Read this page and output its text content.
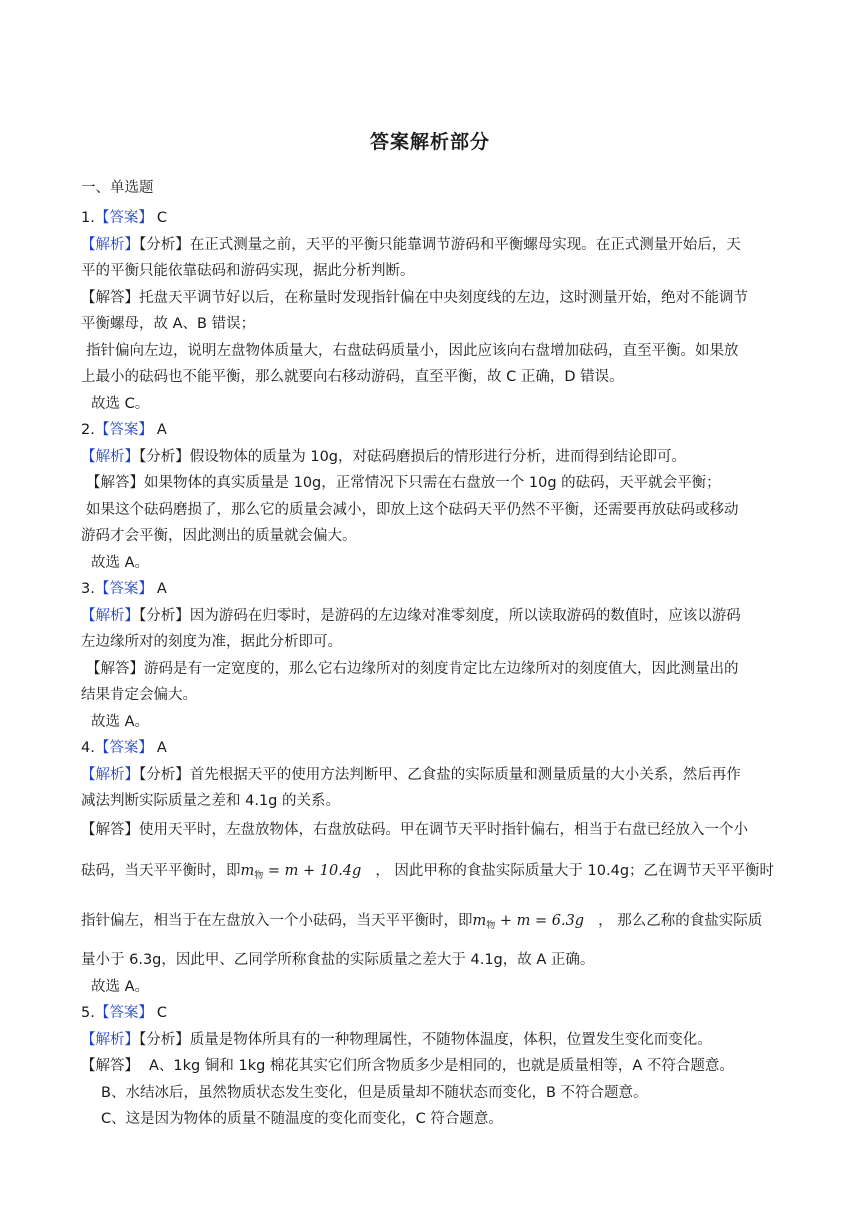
答案解析部分
一、单选题
1.【答案】 C
【解析】【分析】在正式测量之前，天平的平衡只能靠调节游码和平衡螺母实现。在正式测量开始后，天
平的平衡只能依靠砝码和游码实现，据此分析判断。
【解答】托盘天平调节好以后，在称量时发现指针偏在中央刻度线的左边，这时测量开始，绝对不能调节
平衡螺母，故 A、B 错误；
指针偏向左边，说明左盘物体质量大，右盘砝码质量小，因此应该向右盘增加砝码，直至平衡。如果放
上最小的砝码也不能平衡，那么就要向右移动游码，直至平衡，故 C 正确，D 错误。
故选 C。
2.【答案】 A
【解析】【分析】假设物体的质量为 10g，对砝码磨损后的情形进行分析，进而得到结论即可。
【解答】如果物体的真实质量是 10g，正常情况下只需在右盘放一个 10g 的砝码，天平就会平衡；
如果这个砝码磨损了，那么它的质量会减小，即放上这个砝码天平仍然不平衡，还需要再放砝码或移动
游码才会平衡，因此测出的质量就会偏大。
故选 A。
3.【答案】 A
【解析】【分析】因为游码在归零时，是游码的左边缘对准零刻度，所以读取游码的数值时，应该以游码
左边缘所对的刻度为准，据此分析即可。
【解答】游码是有一定宽度的，那么它右边缘所对的刻度肯定比左边缘所对的刻度值大，因此测量出的
结果肯定会偏大。
故选 A。
4.【答案】 A
【解析】【分析】首先根据天平的使用方法判断甲、乙食盐的实际质量和测量质量的大小关系，然后再作
减法判断实际质量之差和 4.1g 的关系。
【解答】使用天平时，左盘放物体，右盘放砝码。甲在调节天平时指针偏右，相当于右盘已经放入一个小
砝码，当天平平衡时，即$m_物 = m + 10.4g$ ， 因此甲称的食盐实际质量大于 10.4g；乙在调节天平平衡时
指针偏左，相当于在左盘放入一个小砝码，当天平平衡时，即$m_物 + m = 6.3g$ ， 那么乙称的食盐实际质
量小于 6.3g，因此甲、乙同学所称食盐的实际质量之差大于 4.1g，故 A 正确。
故选 A。
5.【答案】 C
【解析】【分析】质量是物体所具有的一种物理属性，不随物体温度，体积，位置发生变化而变化。
【解答】 A、1kg 铜和 1kg 棉花其实它们所含物质多少是相同的，也就是质量相等，A 不符合题意。
B、水结冰后，虽然物质状态发生变化，但是质量却不随状态而变化，B 不符合题意。
C、这是因为物体的质量不随温度的变化而变化，C 符合题意。
